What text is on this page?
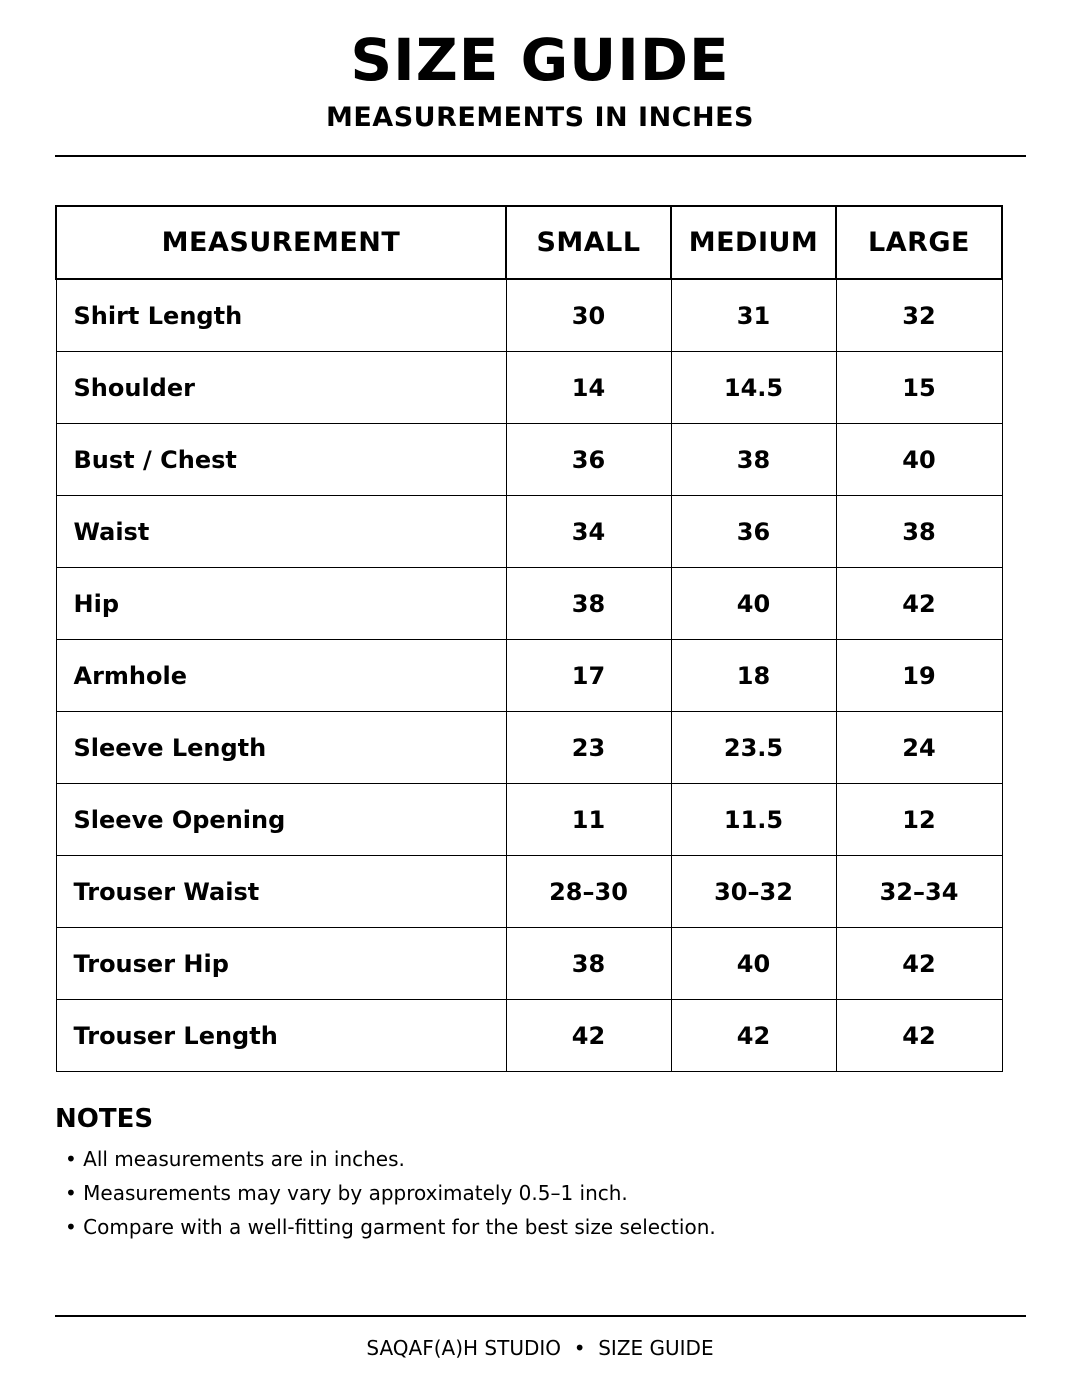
SIZE GUIDE
MEASUREMENTS IN INCHES
MEASUREMENT	SMALL	MEDIUM	LARGE
Shirt Length	30	31	32
Shoulder	14	14.5	15
Bust / Chest	36	38	40
Waist	34	36	38
Hip	38	40	42
Armhole	17	18	19
Sleeve Length	23	23.5	24
Sleeve Opening	11	11.5	12
Trouser Waist	28–30	30–32	32–34
Trouser Hip	38	40	42
Trouser Length	42	42	42
NOTES
• All measurements are in inches.
• Measurements may vary by approximately 0.5–1 inch.
• Compare with a well-fitting garment for the best size selection.
SAQAF(A)H STUDIO  •  SIZE GUIDE
